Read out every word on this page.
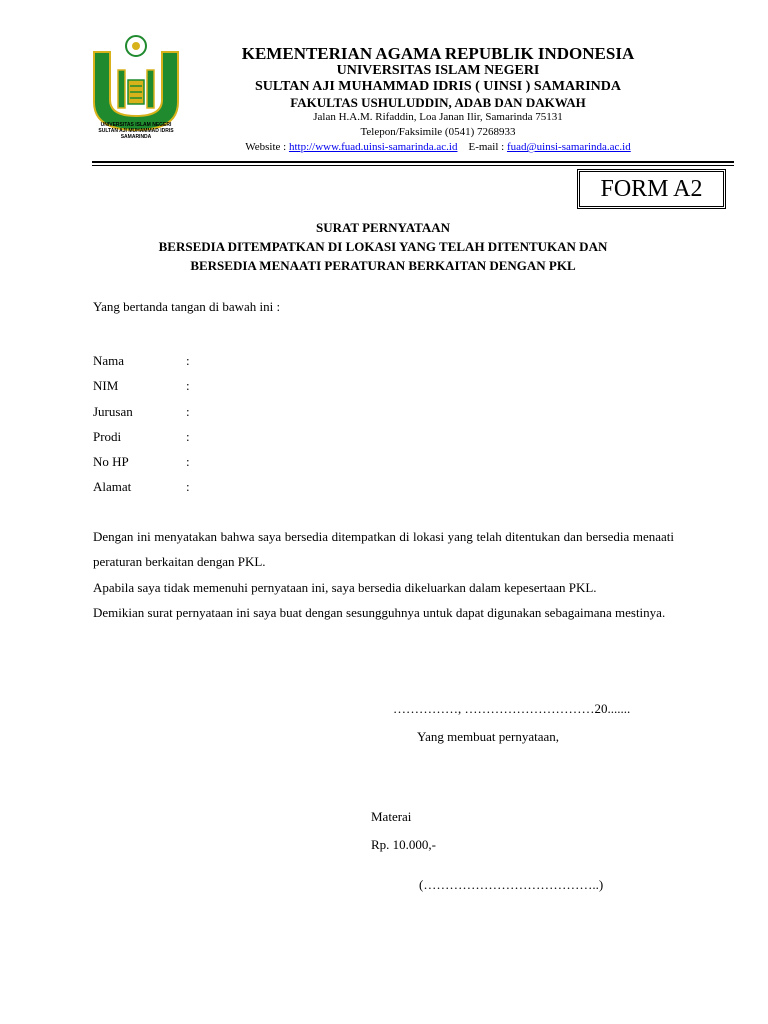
UNIVERSITAS ISLAM NEGERI
SULTAN AJI MUHAMMAD IDRIS
SAMARINDA
KEMENTERIAN AGAMA REPUBLIK INDONESIA
UNIVERSITAS ISLAM NEGERI
SULTAN AJI MUHAMMAD IDRIS ( UINSI ) SAMARINDA
FAKULTAS USHULUDDIN, ADAB DAN DAKWAH
Jalan H.A.M. Rifaddin, Loa Janan Ilir, Samarinda 75131
Telepon/Faksimile (0541) 7268933
Website : http://www.fuad.uinsi-samarinda.ac.id E-mail : fuad@uinsi-samarinda.ac.id
FORM A2
SURAT PERNYATAAN
BERSEDIA DITEMPATKAN DI LOKASI YANG TELAH DITENTUKAN DAN
BERSEDIA MENAATI PERATURAN BERKAITAN DENGAN PKL
Yang bertanda tangan di bawah ini :
Nama	:
NIM	:
Jurusan	:
Prodi	:
No HP	:
Alamat	:

Dengan ini menyatakan bahwa saya bersedia ditempatkan di lokasi yang telah ditentukan dan bersedia menaati peraturan berkaitan dengan PKL.

Apabila saya tidak memenuhi pernyataan ini, saya bersedia dikeluarkan dalam kepesertaan PKL.

Demikian surat pernyataan ini saya buat dengan sesungguhnya untuk dapat digunakan sebagaimana mestinya.

……………, …………………………20.......
Yang membuat pernyataan,
Materai
Rp. 10.000,-
(…………………………………..)
